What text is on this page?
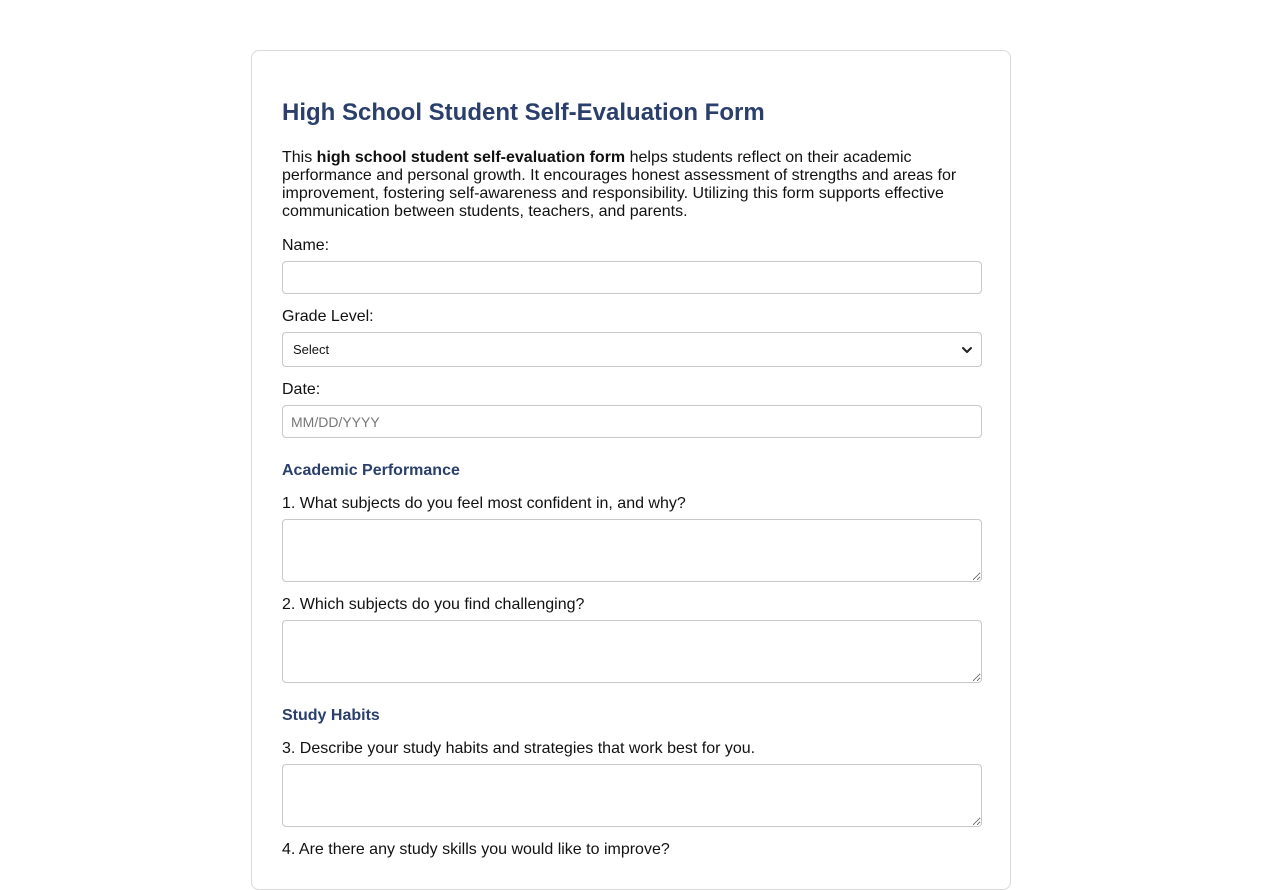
High School Student Self-Evaluation Form

This high school student self-evaluation form helps students reflect on their academic performance and personal growth. It encourages honest assessment of strengths and areas for improvement, fostering self-awareness and responsibility. Utilizing this form supports effective communication between students, teachers, and parents.

Name:
Grade Level:
Select
Date:
MM/DD/YYYY
Academic Performance
1. What subjects do you feel most confident in, and why?
2. Which subjects do you find challenging?
Study Habits
3. Describe your study habits and strategies that work best for you.
4. Are there any study skills you would like to improve?
